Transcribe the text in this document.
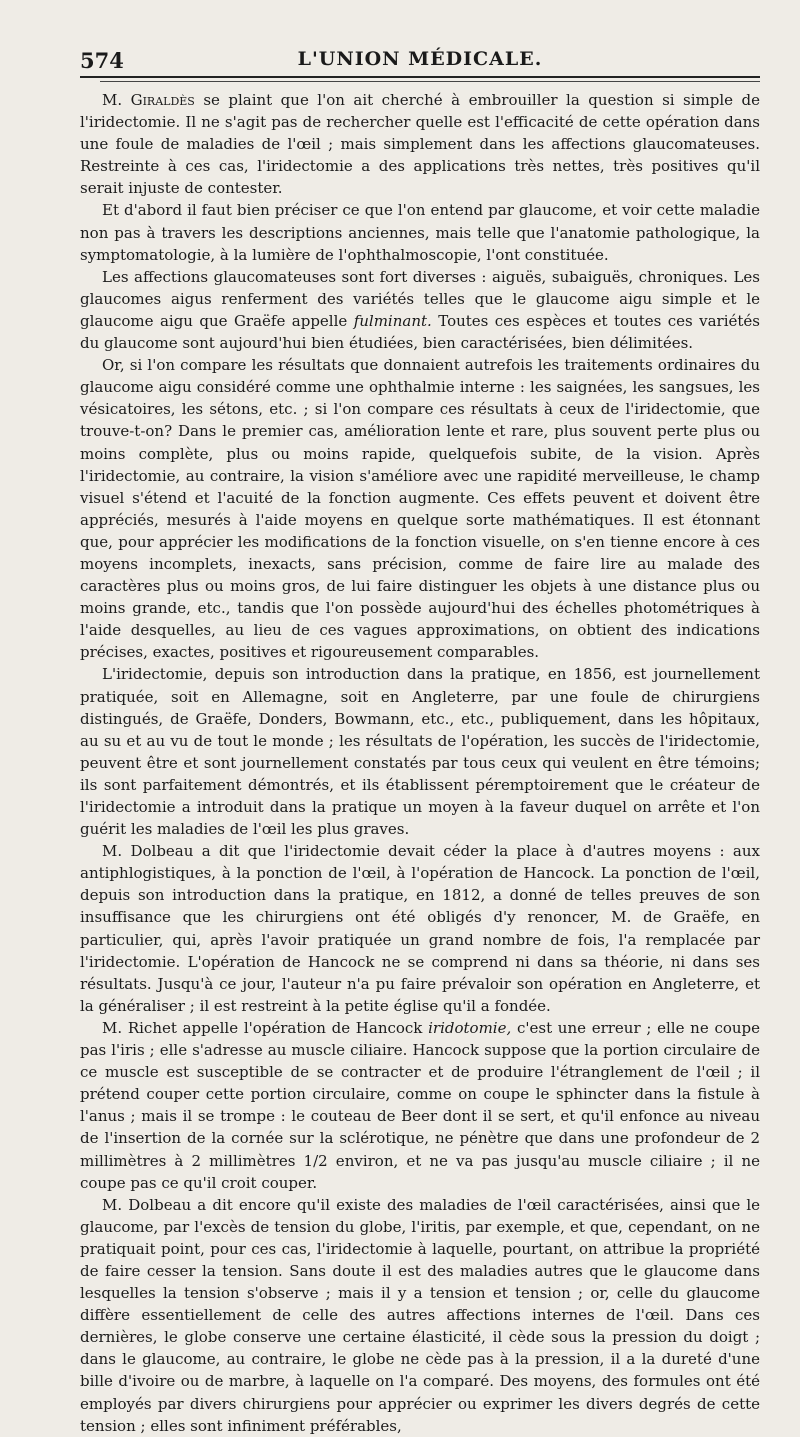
574	L'UNION MÉDICALE.

M. Giraldès se plaint que l'on ait cherché à embrouiller la question si simple de l'iridectomie. Il ne s'agit pas de rechercher quelle est l'efficacité de cette opération dans une foule de maladies de l'œil ; mais simplement dans les affections glaucomateuses. Restreinte à ces cas, l'iridectomie a des applications très nettes, très positives qu'il serait injuste de contester.

Et d'abord il faut bien préciser ce que l'on entend par glaucome, et voir cette maladie non pas à travers les descriptions anciennes, mais telle que l'anatomie pathologique, la symptomatologie, à la lumière de l'ophthalmoscopie, l'ont constituée.

Les affections glaucomateuses sont fort diverses : aiguës, subaiguës, chroniques. Les glaucomes aigus renferment des variétés telles que le glaucome aigu simple et le glaucome aigu que Graëfe appelle fulminant. Toutes ces espèces et toutes ces variétés du glaucome sont aujourd'hui bien étudiées, bien caractérisées, bien délimitées.

Or, si l'on compare les résultats que donnaient autrefois les traitements ordinaires du glaucome aigu considéré comme une ophthalmie interne : les saignées, les sangsues, les vésicatoires, les sétons, etc. ; si l'on compare ces résultats à ceux de l'iridectomie, que trouve-t-on? Dans le premier cas, amélioration lente et rare, plus souvent perte plus ou moins complète, plus ou moins rapide, quelquefois subite, de la vision. Après l'iridectomie, au contraire, la vision s'améliore avec une rapidité merveilleuse, le champ visuel s'étend et l'acuité de la fonction augmente. Ces effets peuvent et doivent être appréciés, mesurés à l'aide moyens en quelque sorte mathématiques. Il est étonnant que, pour apprécier les modifications de la fonction visuelle, on s'en tienne encore à ces moyens incomplets, inexacts, sans précision, comme de faire lire au malade des caractères plus ou moins gros, de lui faire distinguer les objets à une distance plus ou moins grande, etc., tandis que l'on possède aujourd'hui des échelles photométriques à l'aide desquelles, au lieu de ces vagues approximations, on obtient des indications précises, exactes, positives et rigoureusement comparables.

L'iridectomie, depuis son introduction dans la pratique, en 1856, est journellement pratiquée, soit en Allemagne, soit en Angleterre, par une foule de chirurgiens distingués, de Graëfe, Donders, Bowmann, etc., etc., publiquement, dans les hôpitaux, au su et au vu de tout le monde ; les résultats de l'opération, les succès de l'iridectomie, peuvent être et sont journellement constatés par tous ceux qui veulent en être témoins; ils sont parfaitement démontrés, et ils établissent péremptoirement que le créateur de l'iridectomie a introduit dans la pratique un moyen à la faveur duquel on arrête et l'on guérit les maladies de l'œil les plus graves.

M. Dolbeau a dit que l'iridectomie devait céder la place à d'autres moyens : aux antiphlogistiques, à la ponction de l'œil, à l'opération de Hancock. La ponction de l'œil, depuis son introduction dans la pratique, en 1812, a donné de telles preuves de son insuffisance que les chirurgiens ont été obligés d'y renoncer, M. de Graëfe, en particulier, qui, après l'avoir pratiquée un grand nombre de fois, l'a remplacée par l'iridectomie. L'opération de Hancock ne se comprend ni dans sa théorie, ni dans ses résultats. Jusqu'à ce jour, l'auteur n'a pu faire prévaloir son opération en Angleterre, et la généraliser ; il est restreint à la petite église qu'il a fondée.

M. Richet appelle l'opération de Hancock iridotomie, c'est une erreur ; elle ne coupe pas l'iris ; elle s'adresse au muscle ciliaire. Hancock suppose que la portion circulaire de ce muscle est susceptible de se contracter et de produire l'étranglement de l'œil ; il prétend couper cette portion circulaire, comme on coupe le sphincter dans la fistule à l'anus ; mais il se trompe : le couteau de Beer dont il se sert, et qu'il enfonce au niveau de l'insertion de la cornée sur la sclérotique, ne pénètre que dans une profondeur de 2 millimètres à 2 millimètres 1/2 environ, et ne va pas jusqu'au muscle ciliaire ; il ne coupe pas ce qu'il croit couper.

M. Dolbeau a dit encore qu'il existe des maladies de l'œil caractérisées, ainsi que le glaucome, par l'excès de tension du globe, l'iritis, par exemple, et que, cependant, on ne pratiquait point, pour ces cas, l'iridectomie à laquelle, pourtant, on attribue la propriété de faire cesser la tension. Sans doute il est des maladies autres que le glaucome dans lesquelles la tension s'observe ; mais il y a tension et tension ; or, celle du glaucome diffère essentiellement de celle des autres affections internes de l'œil. Dans ces dernières, le globe conserve une certaine élasticité, il cède sous la pression du doigt ; dans le glaucome, au contraire, le globe ne cède pas à la pression, il a la dureté d'une bille d'ivoire ou de marbre, à laquelle on l'a comparé. Des moyens, des formules ont été employés par divers chirurgiens pour apprécier ou exprimer les divers degrés de cette tension ; elles sont infiniment préférables,
